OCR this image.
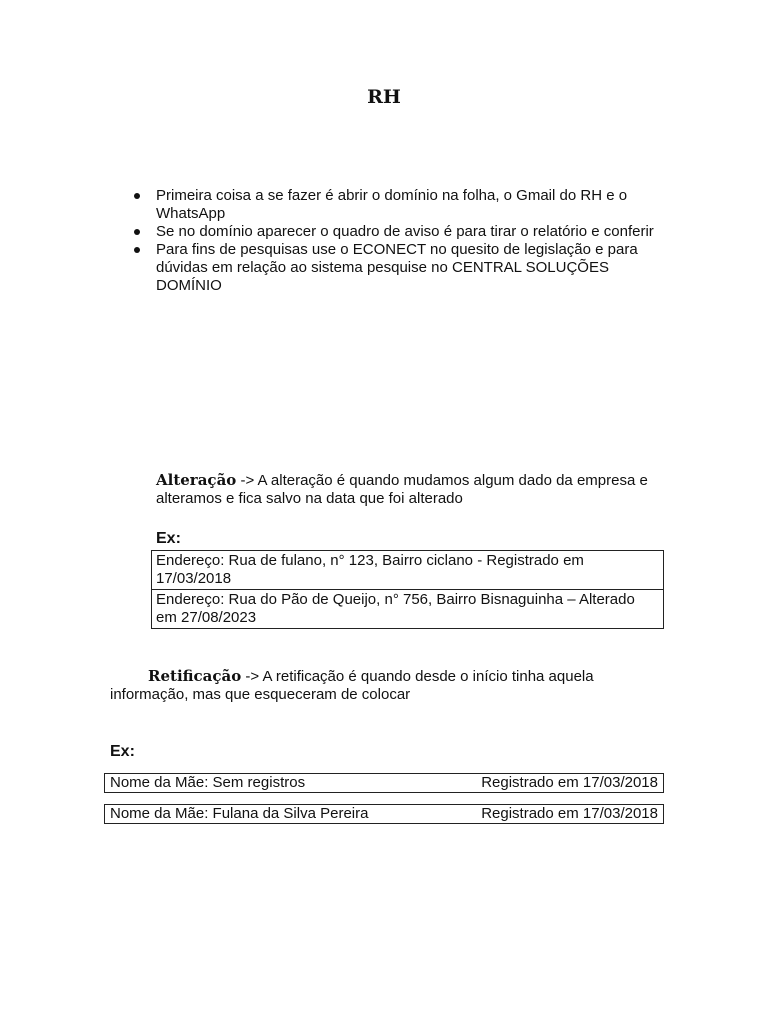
RH
Primeira coisa a se fazer é abrir o domínio na folha, o Gmail do RH e o WhatsApp
Se no domínio aparecer o quadro de aviso é para tirar o relatório e conferir
Para fins de pesquisas use o ECONECT no quesito de legislação e para dúvidas em relação ao sistema pesquise no CENTRAL SOLUÇÕES DOMÍNIO
Alteração -> A alteração é quando mudamos algum dado da empresa e alteramos e fica salvo na data que foi alterado
Ex:
Endereço: Rua de fulano, n° 123, Bairro ciclano - Registrado em 17/03/2018
Endereço: Rua do Pão de Queijo, n° 756, Bairro Bisnaguinha – Alterado em 27/08/2023
Retificação -> A retificação é quando desde o início tinha aquela informação, mas que esqueceram de colocar
Ex:
Nome da Mãe: Sem registros	Registrado em 17/03/2018
Nome da Mãe: Fulana da Silva Pereira	Registrado em 17/03/2018
